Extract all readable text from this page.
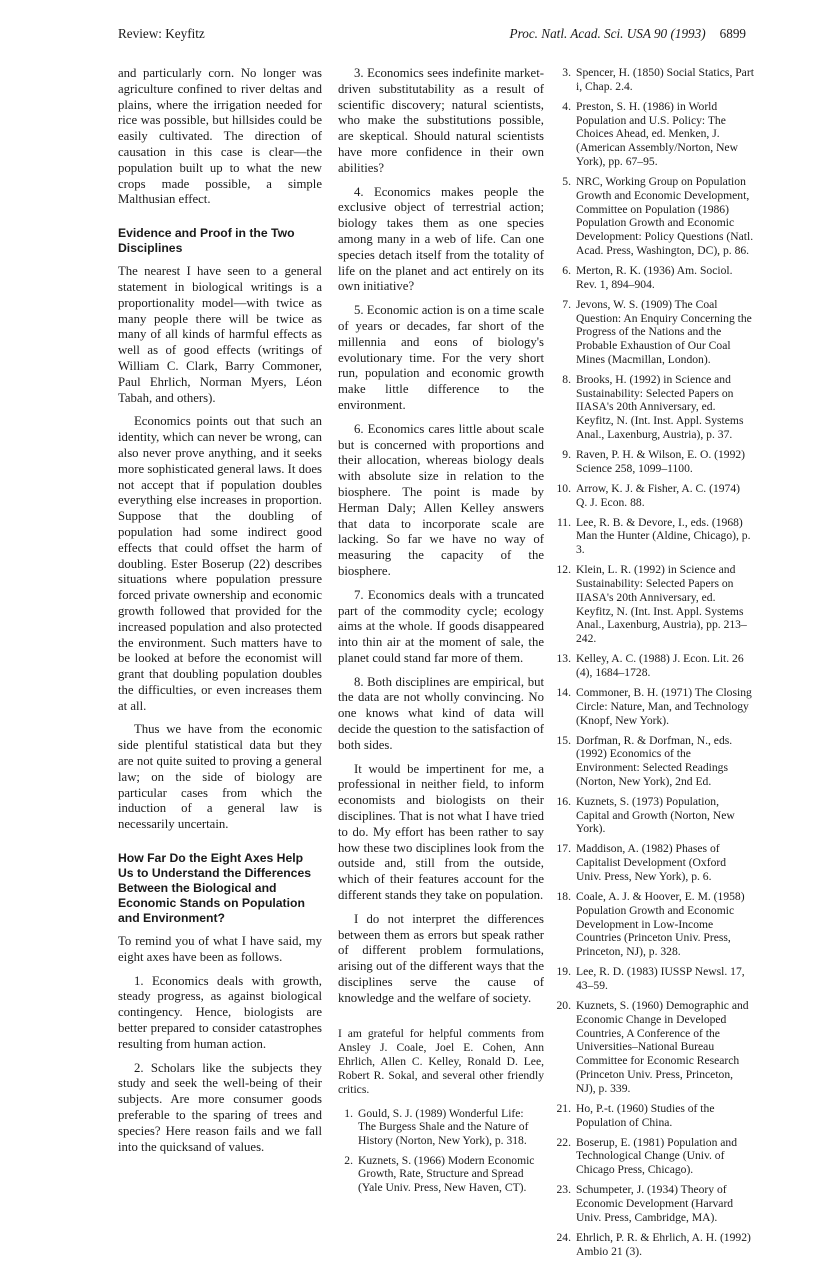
Review: Keyfitz	Proc. Natl. Acad. Sci. USA 90 (1993) 6899

and particularly corn. No longer was agriculture confined to river deltas and plains, where the irrigation needed for rice was possible, but hillsides could be easily cultivated. The direction of causation in this case is clear—the population built up to what the new crops made possible, a simple Malthusian effect.

Evidence and Proof in the Two Disciplines

The nearest I have seen to a general statement in biological writings is a proportionality model—with twice as many people there will be twice as many of all kinds of harmful effects as well as of good effects (writings of William C. Clark, Barry Commoner, Paul Ehrlich, Norman Myers, Léon Tabah, and others).

Economics points out that such an identity, which can never be wrong, can also never prove anything, and it seeks more sophisticated general laws. It does not accept that if population doubles everything else increases in proportion. Suppose that the doubling of population had some indirect good effects that could offset the harm of doubling. Ester Boserup (22) describes situations where population pressure forced private ownership and economic growth followed that provided for the increased population and also protected the environment. Such matters have to be looked at before the economist will grant that doubling population doubles the difficulties, or even increases them at all.

Thus we have from the economic side plentiful statistical data but they are not quite suited to proving a general law; on the side of biology are particular cases from which the induction of a general law is necessarily uncertain.

How Far Do the Eight Axes Help Us to Understand the Differences Between the Biological and Economic Stands on Population and Environment?

To remind you of what I have said, my eight axes have been as follows.

1. Economics deals with growth, steady progress, as against biological contingency. Hence, biologists are better prepared to consider catastrophes resulting from human action.

2. Scholars like the subjects they study and seek the well-being of their subjects. Are more consumer goods preferable to the sparing of trees and species? Here reason fails and we fall into the quicksand of values.

3. Economics sees indefinite market-driven substitutability as a result of scientific discovery; natural scientists, who make the substitutions possible, are skeptical. Should natural scientists have more confidence in their own abilities?

4. Economics makes people the exclusive object of terrestrial action; biology takes them as one species among many in a web of life. Can one species detach itself from the totality of life on the planet and act entirely on its own initiative?

5. Economic action is on a time scale of years or decades, far short of the millennia and eons of biology's evolutionary time. For the very short run, population and economic growth make little difference to the environment.

6. Economics cares little about scale but is concerned with proportions and their allocation, whereas biology deals with absolute size in relation to the biosphere. The point is made by Herman Daly; Allen Kelley answers that data to incorporate scale are lacking. So far we have no way of measuring the capacity of the biosphere.

7. Economics deals with a truncated part of the commodity cycle; ecology aims at the whole. If goods disappeared into thin air at the moment of sale, the planet could stand far more of them.

8. Both disciplines are empirical, but the data are not wholly convincing. No one knows what kind of data will decide the question to the satisfaction of both sides.

It would be impertinent for me, a professional in neither field, to inform economists and biologists on their disciplines. That is not what I have tried to do. My effort has been rather to say how these two disciplines look from the outside and, still from the outside, which of their features account for the different stands they take on population.

I do not interpret the differences between them as errors but speak rather of different problem formulations, arising out of the different ways that the disciplines serve the cause of knowledge and the welfare of society.

I am grateful for helpful comments from Ansley J. Coale, Joel E. Cohen, Ann Ehrlich, Allen C. Kelley, Ronald D. Lee, Robert R. Sokal, and several other friendly critics.
1. Gould, S. J. (1989) Wonderful Life: The Burgess Shale and the Nature of History (Norton, New York), p. 318.
2. Kuznets, S. (1966) Modern Economic Growth, Rate, Structure and Spread (Yale Univ. Press, New Haven, CT).
3. Spencer, H. (1850) Social Statics, Part i, Chap. 2.4.
4. Preston, S. H. (1986) in World Population and U.S. Policy: The Choices Ahead, ed. Menken, J. (American Assembly/Norton, New York), pp. 67–95.
5. NRC, Working Group on Population Growth and Economic Development, Committee on Population (1986) Population Growth and Economic Development: Policy Questions (Natl. Acad. Press, Washington, DC), p. 86.
6. Merton, R. K. (1936) Am. Sociol. Rev. 1, 894–904.
7. Jevons, W. S. (1909) The Coal Question: An Enquiry Concerning the Progress of the Nations and the Probable Exhaustion of Our Coal Mines (Macmillan, London).
8. Brooks, H. (1992) in Science and Sustainability: Selected Papers on IIASA's 20th Anniversary, ed. Keyfitz, N. (Int. Inst. Appl. Systems Anal., Laxenburg, Austria), p. 37.
9. Raven, P. H. & Wilson, E. O. (1992) Science 258, 1099–1100.
10. Arrow, K. J. & Fisher, A. C. (1974) Q. J. Econ. 88.
11. Lee, R. B. & Devore, I., eds. (1968) Man the Hunter (Aldine, Chicago), p. 3.
12. Klein, L. R. (1992) in Science and Sustainability: Selected Papers on IIASA's 20th Anniversary, ed. Keyfitz, N. (Int. Inst. Appl. Systems Anal., Laxenburg, Austria), pp. 213–242.
13. Kelley, A. C. (1988) J. Econ. Lit. 26 (4), 1684–1728.
14. Commoner, B. H. (1971) The Closing Circle: Nature, Man, and Technology (Knopf, New York).
15. Dorfman, R. & Dorfman, N., eds. (1992) Economics of the Environment: Selected Readings (Norton, New York), 2nd Ed.
16. Kuznets, S. (1973) Population, Capital and Growth (Norton, New York).
17. Maddison, A. (1982) Phases of Capitalist Development (Oxford Univ. Press, New York), p. 6.
18. Coale, A. J. & Hoover, E. M. (1958) Population Growth and Economic Development in Low-Income Countries (Princeton Univ. Press, Princeton, NJ), p. 328.
19. Lee, R. D. (1983) IUSSP Newsl. 17, 43–59.
20. Kuznets, S. (1960) Demographic and Economic Change in Developed Countries, A Conference of the Universities–National Bureau Committee for Economic Research (Princeton Univ. Press, Princeton, NJ), p. 339.
21. Ho, P.-t. (1960) Studies of the Population of China.
22. Boserup, E. (1981) Population and Technological Change (Univ. of Chicago Press, Chicago).
23. Schumpeter, J. (1934) Theory of Economic Development (Harvard Univ. Press, Cambridge, MA).
24. Ehrlich, P. R. & Ehrlich, A. H. (1992) Ambio 21 (3).
